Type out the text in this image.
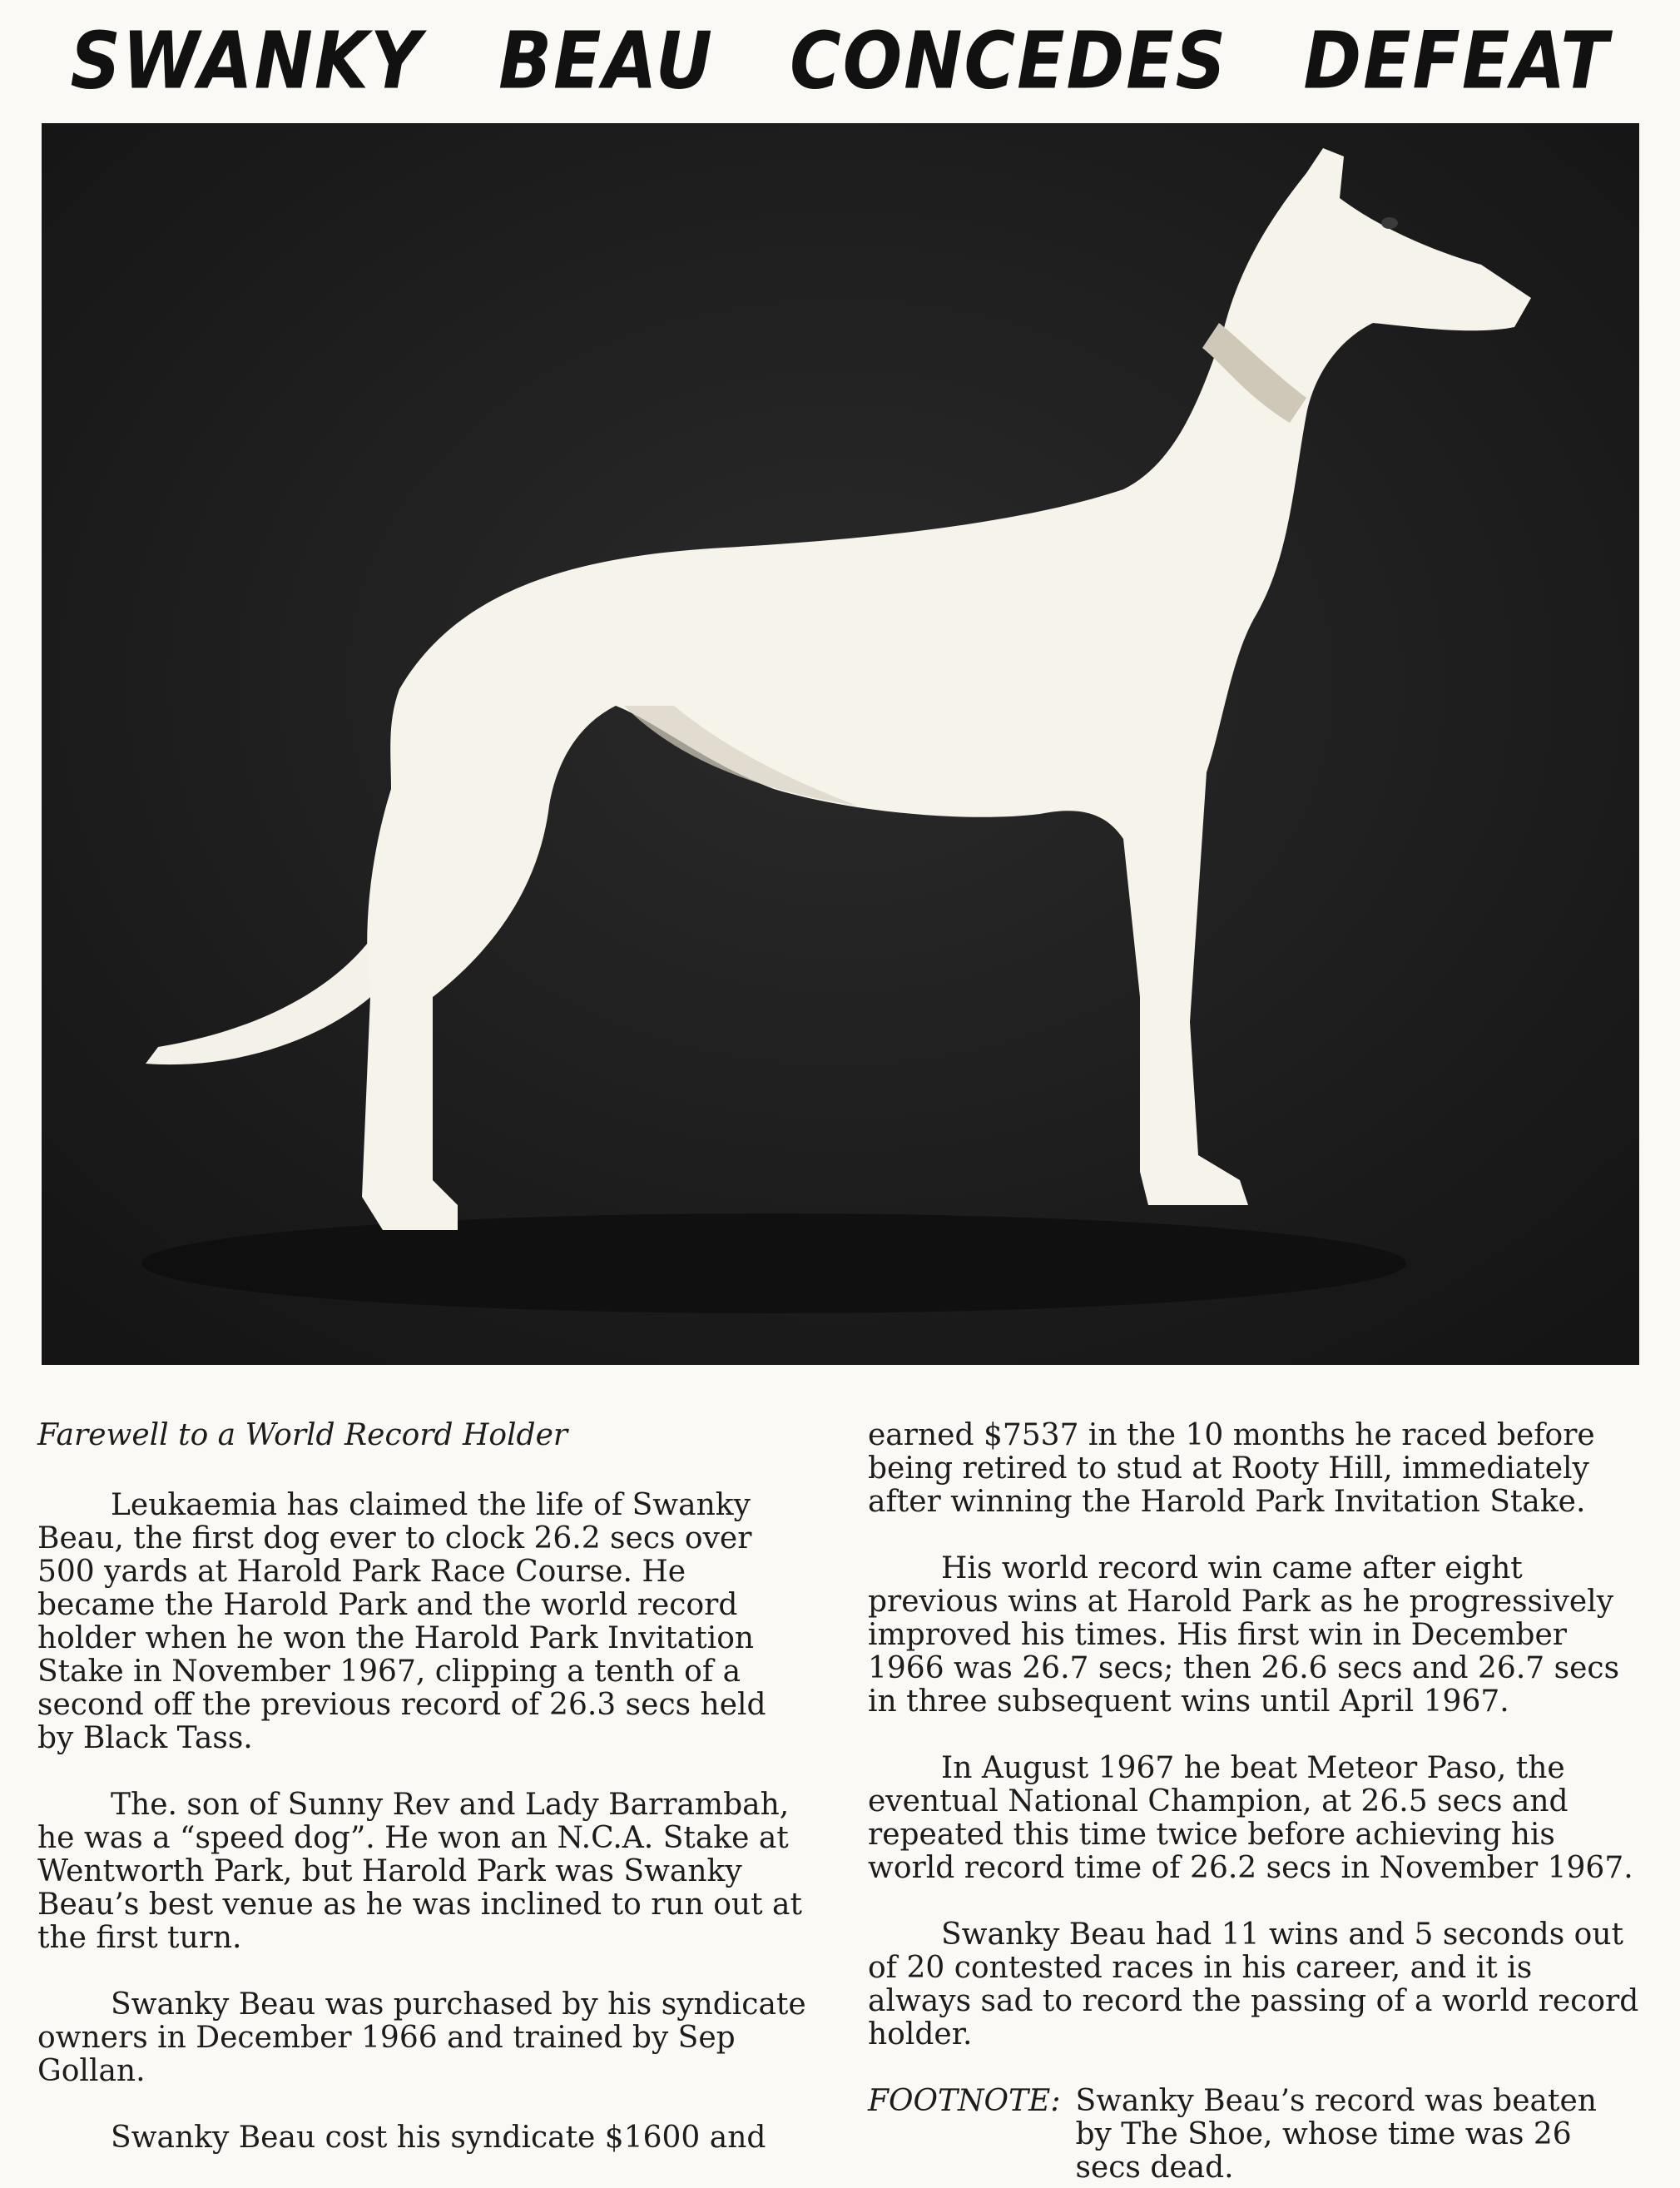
SWANKY BEAU CONCEDES DEFEAT
Farewell to a World Record Holder

Leukaemia has claimed the life of Swanky Beau, the first dog ever to clock 26.2 secs over 500 yards at Harold Park Race Course. He became the Harold Park and the world record holder when he won the Harold Park Invitation Stake in November 1967, clipping a tenth of a second off the previous record of 26.3 secs held by Black Tass.

The. son of Sunny Rev and Lady Barrambah, he was a “speed dog”. He won an N.C.A. Stake at Wentworth Park, but Harold Park was Swanky Beau’s best venue as he was inclined to run out at the first turn.

Swanky Beau was purchased by his syndicate owners in December 1966 and trained by Sep Gollan.

Swanky Beau cost his syndicate $1600 and

earned $7537 in the 10 months he raced before being retired to stud at Rooty Hill, immediately after winning the Harold Park Invitation Stake.

His world record win came after eight previous wins at Harold Park as he progressively improved his times. His first win in December 1966 was 26.7 secs; then 26.6 secs and 26.7 secs in three subsequent wins until April 1967.

In August 1967 he beat Meteor Paso, the eventual National Champion, at 26.5 secs and repeated this time twice before achieving his world record time of 26.2 secs in November 1967.

Swanky Beau had 11 wins and 5 seconds out of 20 contested races in his career, and it is always sad to record the passing of a world record holder.

FOOTNOTE: Swanky Beau’s record was beaten by The Shoe, whose time was 26 secs dead.
